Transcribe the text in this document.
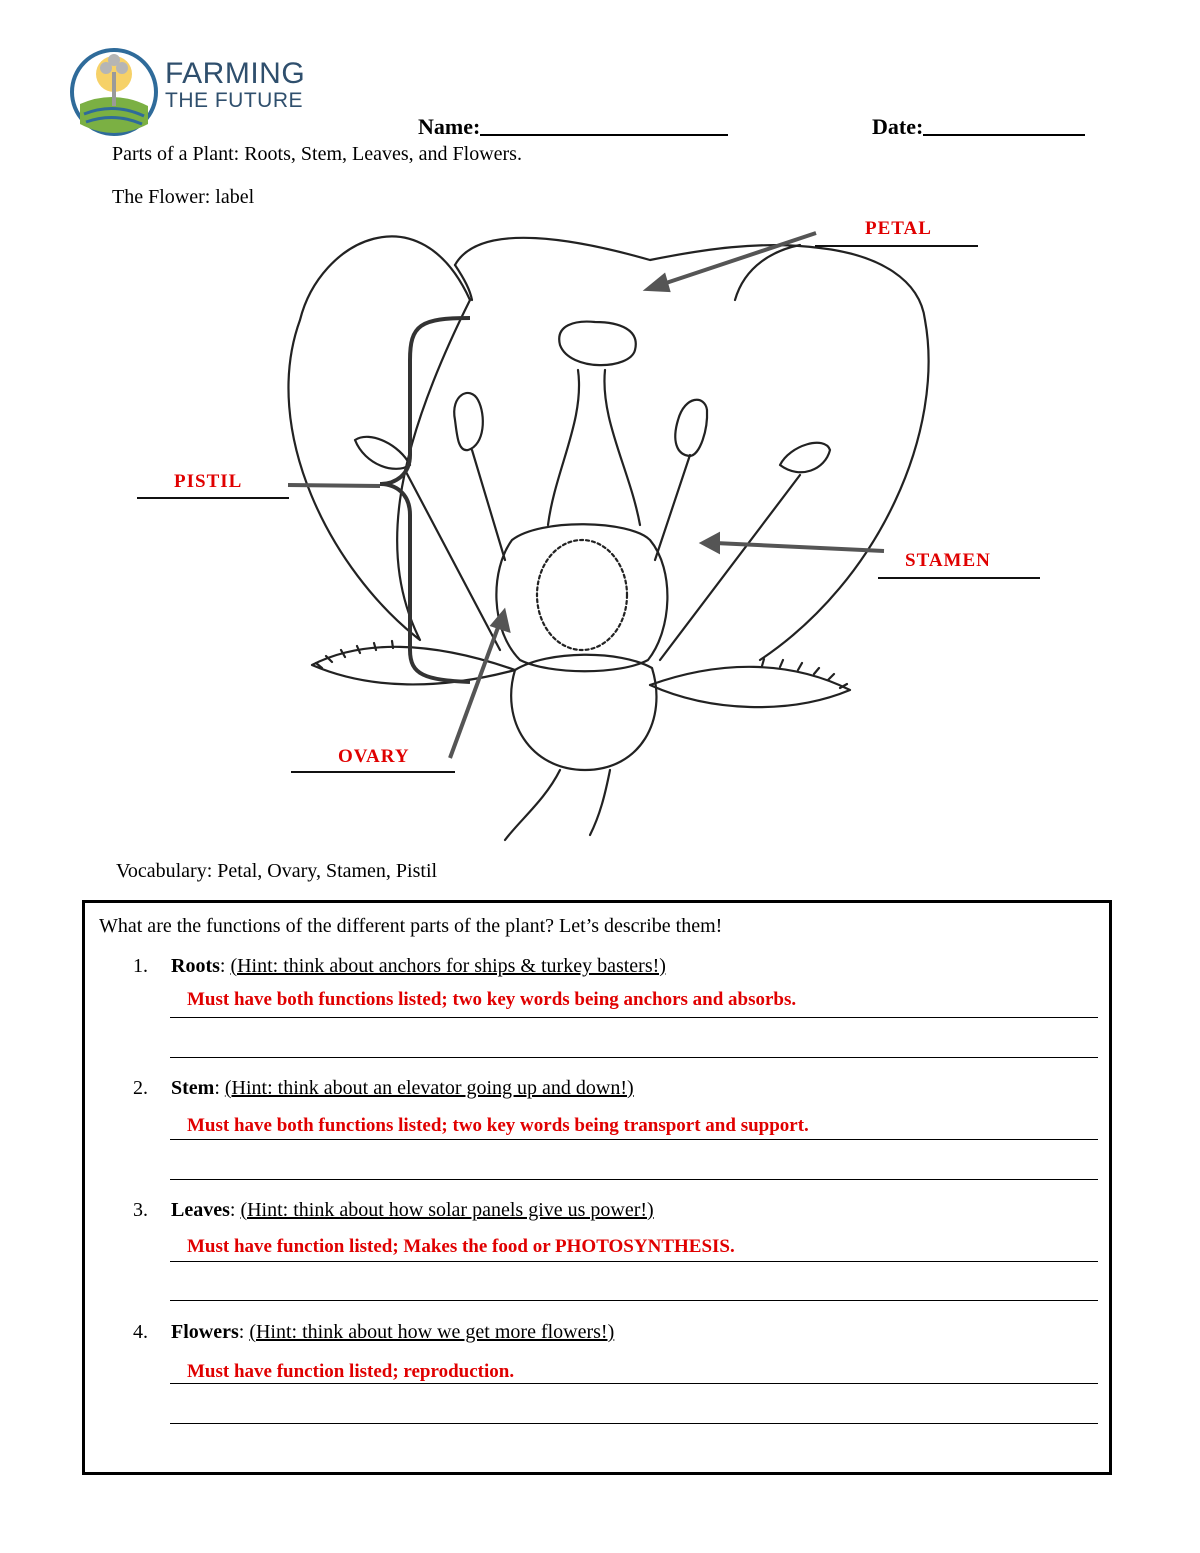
FARMING
THE FUTURE
Name:	Date:
Parts of a Plant: Roots, Stem, Leaves, and Flowers.
The Flower: label
PETAL
PISTIL
STAMEN
OVARY
Vocabulary: Petal, Ovary, Stamen, Pistil
What are the functions of the different parts of the plant? Let’s describe them!
1. Roots: (Hint: think about anchors for ships & turkey basters!)
Must have both functions listed; two key words being anchors and absorbs.
2. Stem: (Hint: think about an elevator going up and down!)
Must have both functions listed; two key words being transport and support.
3. Leaves: (Hint: think about how solar panels give us power!)
Must have function listed; Makes the food or PHOTOSYNTHESIS.
4. Flowers: (Hint: think about how we get more flowers!)
Must have function listed; reproduction.
